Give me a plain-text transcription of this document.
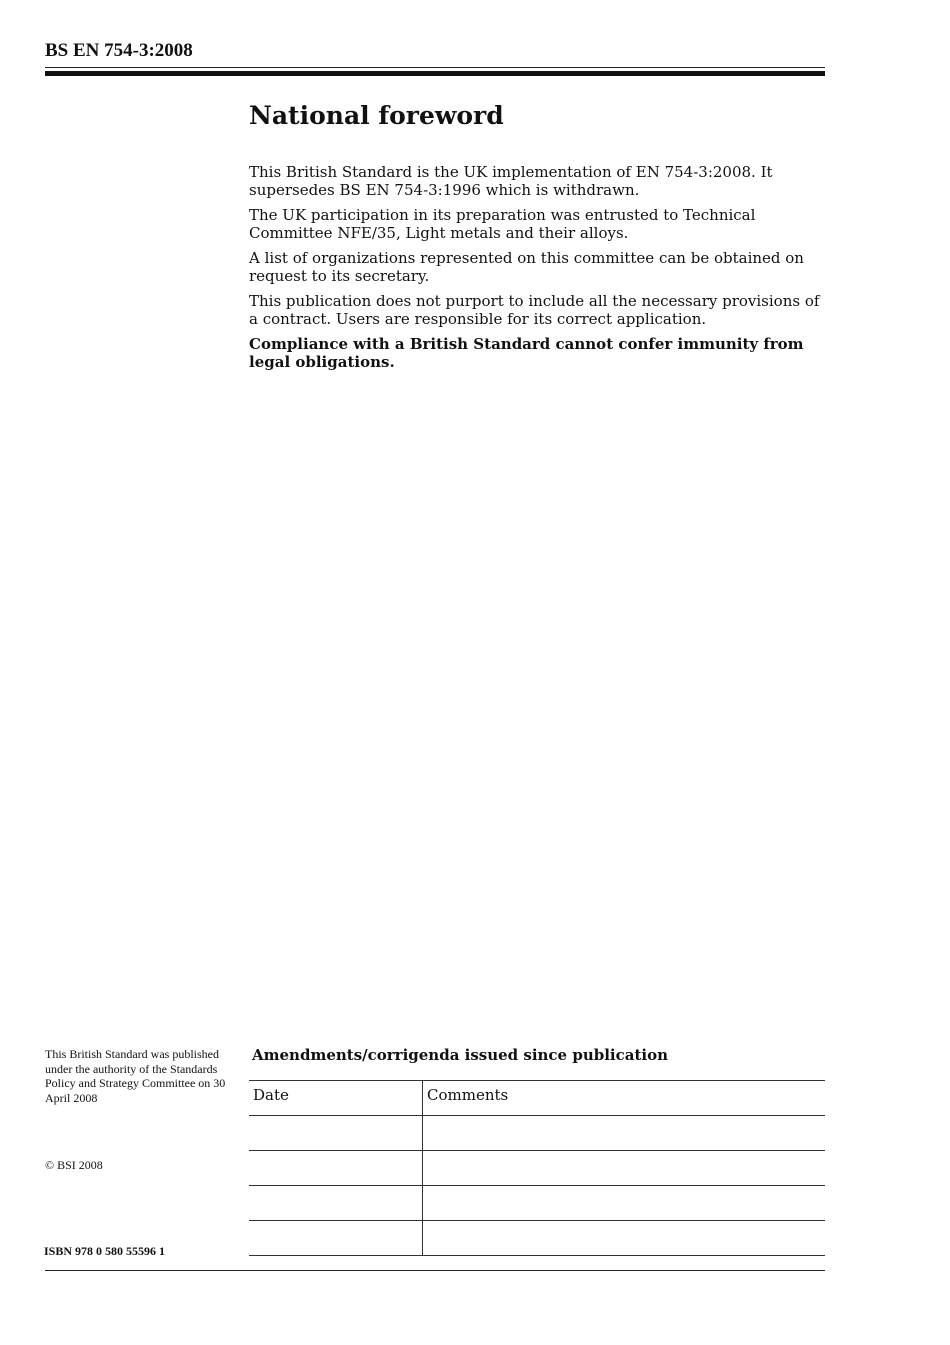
BS EN 754-3:2008
National foreword

This British Standard is the UK implementation of EN 754-3:2008. It supersedes BS EN 754-3:1996 which is withdrawn.

The UK participation in its preparation was entrusted to Technical Committee NFE/35, Light metals and their alloys.

A list of organizations represented on this committee can be obtained on request to its secretary.

This publication does not purport to include all the necessary provisions of a contract. Users are responsible for its correct application.

Compliance with a British Standard cannot confer immunity from legal obligations.

This British Standard was published under the authority of the Standards Policy and Strategy Committee on 30 April 2008
© BSI 2008
ISBN 978 0 580 55596 1
Amendments/corrigenda issued since publication
Date	Comments
